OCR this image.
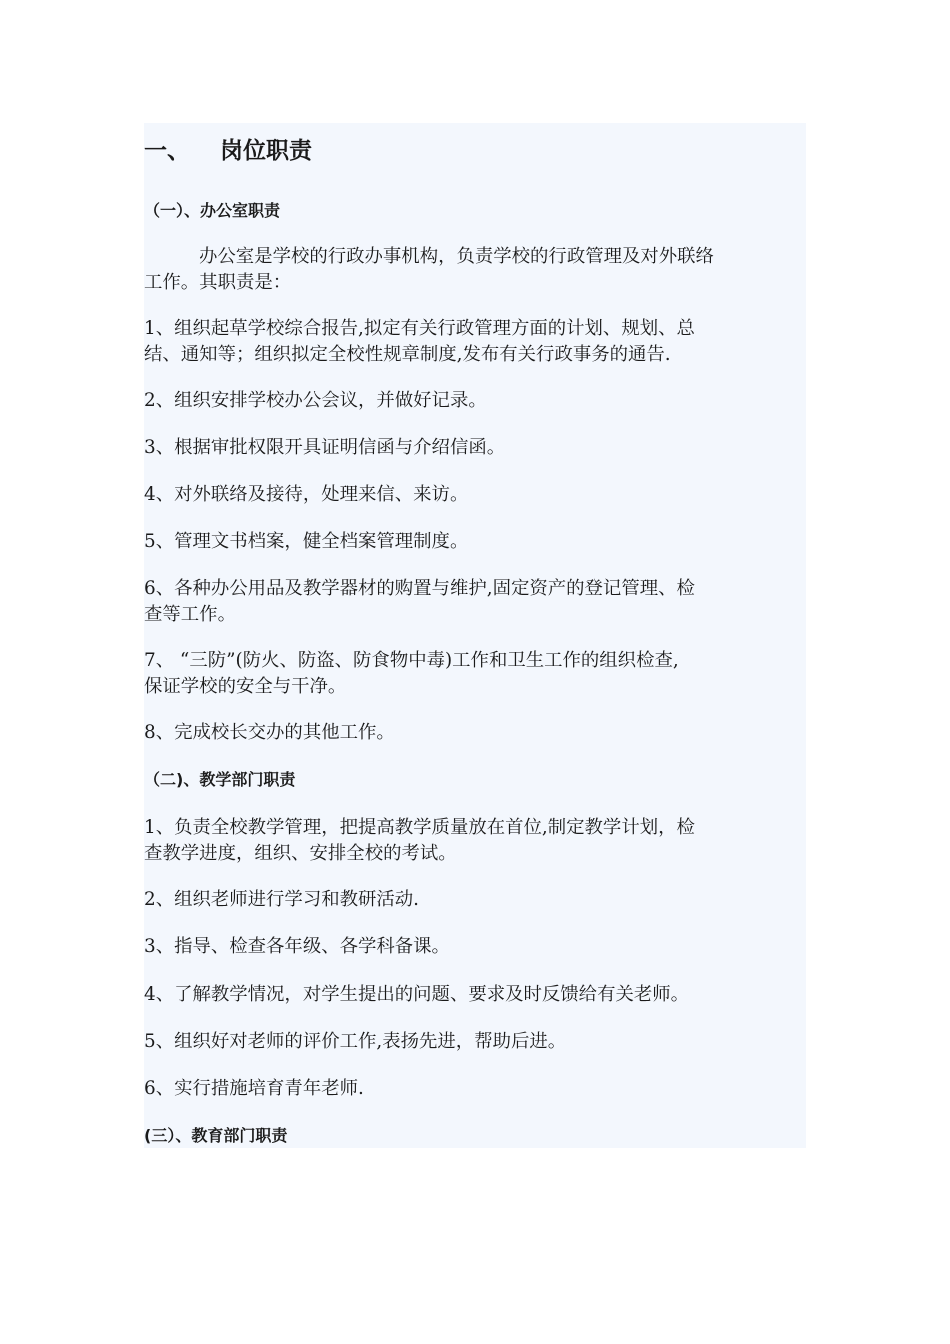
一、 岗位职责
（一）、办公室职责
办公室是学校的行政办事机构，负责学校的行政管理及对外联络
工作。其职责是：
1、组织起草学校综合报告,拟定有关行政管理方面的计划、规划、总
结、通知等；组织拟定全校性规章制度,发布有关行政事务的通告.
2、组织安排学校办公会议，并做好记录。
3、根据审批权限开具证明信函与介绍信函。
4、对外联络及接待，处理来信、来访。
5、管理文书档案，健全档案管理制度。
6、各种办公用品及教学器材的购置与维护,固定资产的登记管理、检
查等工作。
7、 “三防”(防火、防盗、防食物中毒)工作和卫生工作的组织检查,
保证学校的安全与干净。
8、完成校长交办的其他工作。
（二)、教学部门职责
1、负责全校教学管理，把提高教学质量放在首位,制定教学计划，检
查教学进度，组织、安排全校的考试。
2、组织老师进行学习和教研活动.
3、指导、检查各年级、各学科备课。
4、了解教学情况，对学生提出的问题、要求及时反馈给有关老师。
5、组织好对老师的评价工作,表扬先进，帮助后进。
6、实行措施培育青年老师.
(三）、教育部门职责
